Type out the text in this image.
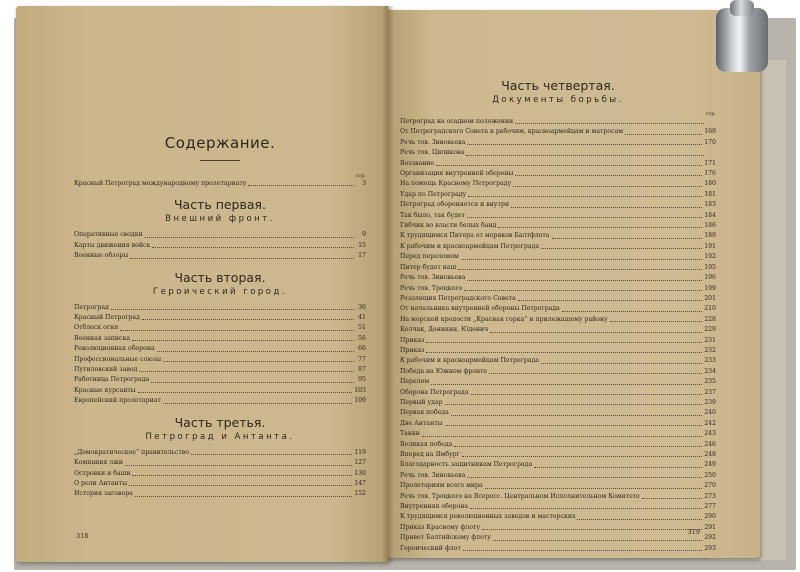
Содержание.
стр.
Красный Петроград международному пролетариату	3
Часть первая.
Внешний фронт.
Оперативные сводки	9
Карты движения войск	15
Военные обзоры	17
Часть вторая.
Героический город.
Петроград	36
Красный Петроград	41
Отблеск огня	51
Военная записка	56
Революционная оборона	66
Профессиональные союзы	77
Путиловский завод	87
Работница Петрограда	95
Красные курсанты	103
Европейский пролетариат	109
Часть третья.
Петроград и Антанта.
„Демократическое“ правительство	119
Компания лжи	127
Островки и баши	130
О роли Антанты	147
История заговора	152
318
Часть четвертая.
Документы борьбы.
стр.
Петроград на осадном положении
От Петроградского Совета к рабочим, красноармейцам и матросам	169
Речь тов. Зиновьева	170
Речь тов. Циликова
Воззвание	171
Организация внутренней обороны	176
На помощь Красному Петрограду	180
Удар по Петрограду	181
Петроград обороняется и внутри	183
Так было, так будет	184
Гибчик во власти белых банд	186
К трудящимся Питера от моряков Балтфлота	189
К рабочим и красноармейцам Петрограда	191
Перед переломом	192
Питер будет наш	195
Речь тов. Зиновьева	196
Речь тов. Троцкого	199
Резолюция Петроградского Совета	201
От начальника внутренней обороны Петрограда	210
На морской крепости „Красная горка“ и прилежащему району	228
Колчак, Деникин, Юденич	229
Приказ	231
Приказ	232
К рабочим и красноармейцам Петрограда	233
Победа на Южном фронте	234
Перелом	235
Оборона Петрограда	237
Первый удар	239
Первая победа	240
Две Антанты	242
Танки	243
Великая победа	246
Вперед на Ямбург	248
Благодарность защитникам Петрограда	249
Речь тов. Зиновьева	250
Пролетариям всего мира	270
Речь тов. Троцкого на Всеросс. Центральном Исполнительном Комитете	273
Внутренняя оборона	277
К трудящимся революционных заводов и мастерских	290
Приказ Красному флоту	291
Привет Балтийскому флоту	292
Героический флот	293
319
